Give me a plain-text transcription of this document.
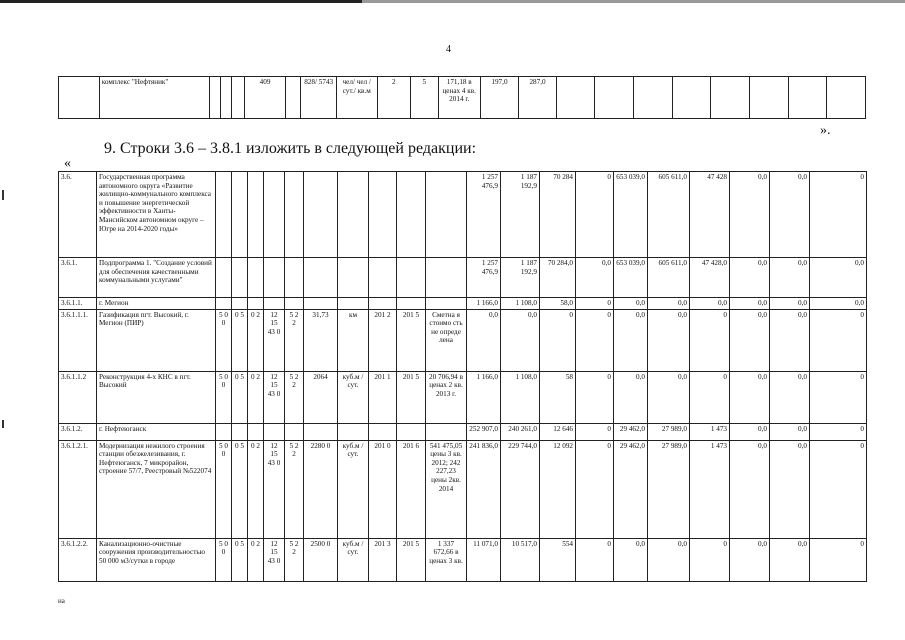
4
	комплекс "Нефтяник"				409		828/ 5743	чел/ чел / сут./ кв.м	2	5	171,18 в ценах 4 кв. 2014 г.	197,0	287,0								
».
9. Строки 3.6 – 3.8.1 изложить в следующей редакции:
«
3.6.	Государственная программа автономного округа «Развитие жилищно-коммунального комплекса и повышение энергетической эффективности в Ханты-Мансийском автономном округе – Югре на 2014-2020 годы»											1 257 476,9	1 187 192,9	70 284	0	653 039,0	605 611,0	47 428	0,0	0,0	0
3.6.1.	Подпрограмма 1. "Создание условий для обеспечения качественными коммунальными услугами"											1 257 476,9	1 187 192,9	70 284,0	0,0	653 039,0	605 611,0	47 428,0	0,0	0,0	0,0
3.6.1.1.	г. Мегион											1 166,0	1 108,0	58,0	0	0,0	0,0	0,0	0,0	0,0	0,0
3.6.1.1.1.	Газификация пгт. Высокий, г. Мегион (ПИР)	5 0 0	0 5	0 2	12 15 43 0	5 2 2	31,73	км	201 2	201 5	Сметна я стоимо сть не опреде лена	0,0	0,0	0	0	0,0	0,0	0	0,0	0,0	0
3.6.1.1.2	Реконструкция 4-х КНС в пгт. Высокий	5 0 0	0 5	0 2	12 15 43 0	5 2 2	2064	куб.м / сут.	201 1	201 5	20 706,94 в ценах 2 кв. 2013 г.	1 166,0	1 108,0	58	0	0,0	0,0	0	0,0	0,0	0
3.6.1.2.	г. Нефтеюганск											252 907,0	240 261,0	12 646	0	29 462,0	27 989,0	1 473	0,0	0,0	0
3.6.1.2.1.	Модернизация нежилого строения станции обезжелезивания, г. Нефтеюганск, 7 микрорайон, строение 57/7, Реестровый №522074	5 0 0	0 5	0 2	12 15 43 0	5 2 2	2280 0	куб.м / сут.	201 0	201 6	541 475,05 цены 3 кв. 2012; 242 227,23 цены 2кв. 2014	241 836,0	229 744,0	12 092	0	29 462,0	27 989,0	1 473	0,0	0,0	0
3.6.1.2.2.	Канализационно-очистные сооружения производительностью 50 000 м3/сутки в городе	5 0 0	0 5	0 2	12 15 43 0	5 2 2	2500 0	куб.м / сут.	201 3	201 5	1 337 672,66 в ценах 3 кв.	11 071,0	10 517,0	554	0	0,0	0,0	0	0,0	0,0	0
на
